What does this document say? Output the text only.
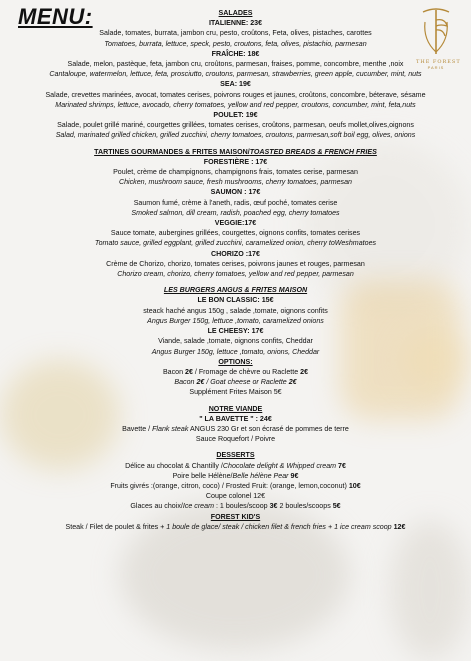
MENU:
THE FOREST
PARIS
SALADES
ITALIENNE: 23€
Salade, tomates, burrata, jambon cru, pesto, croûtons, Feta, olives, pistaches, carottes
Tomatoes, burrata, lettuce, speck, pesto, croutons, feta, olives, pistachio, parmesan
FRAÎCHE: 18€
Salade, melon, pastèque, feta, jambon cru, croûtons, parmesan, fraises, pomme, concombre, menthe ,noix
Cantaloupe, watermelon, lettuce, feta, prosciutto, croutons, parmesan, strawberries, green apple, cucumber, mint, nuts
SEA: 19€
Salade, crevettes marinées, avocat, tomates cerises, poivrons rouges et jaunes, croûtons, concombre, béterave, sésame
Marinated shrimps, lettuce, avocado, cherry tomatoes, yellow and red pepper, croutons, concumber, mint, feta,nuts
POULET: 19€
Salade, poulet grillé mariné, courgettes grillées, tomates cerises, croûtons, parmesan, oeufs mollet,olives,oignons
Salad, marinated grilled chicken, grilled zucchini, cherry tomatoes, croutons, parmesan,soft boil egg, olives, onions
TARTINES GOURMANDES & FRITES MAISON/TOASTED BREADS & FRENCH FRIES
FORESTIÈRE : 17€
Poulet, crème de champignons, champignons frais, tomates cerise, parmesan
Chicken, mushroom sauce, fresh mushrooms, cherry tomatoes, parmesan
SAUMON : 17€
Saumon fumé, crème à l'aneth, radis, œuf poché, tomates cerise
Smoked salmon, dill cream, radish, poached egg, cherry tomatoes
VEGGIE:17€
Sauce tomate, aubergines grillées, courgettes, oignons confits, tomates cerises
Tomato sauce, grilled eggplant, grilled zucchini, caramelized onion, cherry toWeshmatoes
CHORIZO :17€
Crème de Chorizo, chorizo, tomates cerises, poivrons jaunes et rouges, parmesan
Chorizo cream, chorizo, cherry tomatoes, yellow and red pepper, parmesan
LES BURGERS ANGUS & FRITES MAISON
LE BON CLASSIC: 15€
steack haché angus 150g , salade ,tomate, oignons confits
Angus Burger 150g, lettuce ,tomato, caramelized onions
LE CHEESY: 17€
Viande, salade ,tomate, oignons confits, Cheddar
Angus Burger 150g, lettuce ,tomato, onions, Cheddar
OPTIONS:
Bacon 2€ / Fromage de chèvre ou Raclette 2€
Bacon 2€ / Goat cheese or Raclette 2€
Supplément Frites Maison 5€
NOTRE VIANDE
" LA BAVETTE " : 24€
Bavette / Flank steak ANGUS 230 Gr et son écrasé de pommes de terre
Sauce Roquefort / Poivre
DESSERTS
Délice au chocolat & Chantilly /Chocolate delight & Whipped cream 7€
Poire belle Hélène/Belle hélène Pear 9€
Fruits givrés :(orange, citron, coco) / Frosted Fruit: (orange, lemon,coconut) 10€
Coupe colonel 12€
Glaces au choix/Ice cream : 1 boules/scoop 3€ 2 boules/scoops 5€
FOREST KID'S
Steak / Filet de poulet & frites + 1 boule de glace/ steak / chicken filet & french fries + 1 ice cream scoop 12€
